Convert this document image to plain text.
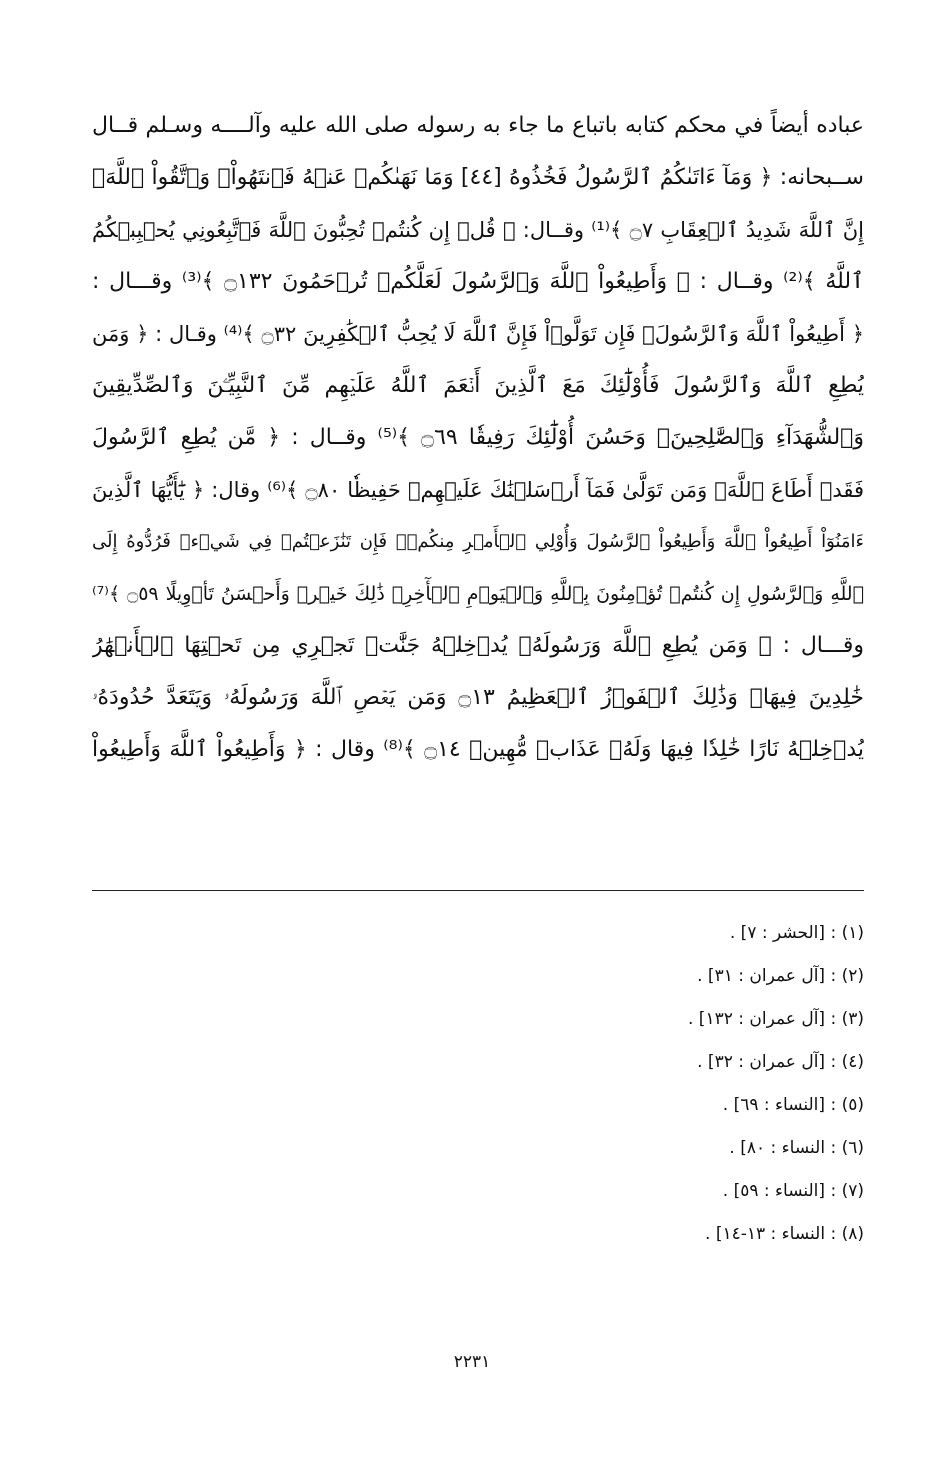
عباده أيضاً في محكم كتابه باتباع ما جاء به رسوله صلى الله عليه وآلــــه وسـلم قــال
ســبحانه: ﴿ وَمَآ ءَاتَىٰكُمُ ٱلرَّسُولُ فَخُذُوهُ [٤٤] وَمَا نَهَىٰكُمۡ عَنۡهُ فَٱنتَهُواْۚ وَٱتَّقُواْ ٱللَّهَۖ
إِنَّ ٱللَّهَ شَدِيدُ ٱلۡعِقَابِ ۝٧ ﴾⁽¹⁾ وقــال: ﴿ قُلۡ إِن كُنتُمۡ تُحِبُّونَ ٱللَّهَ فَٱتَّبِعُونِي يُحۡبِبۡكُمُ
ٱللَّهُ ﴾⁽²⁾ وقــال : ﴿ وَأَطِيعُواْ ٱللَّهَ وَٱلرَّسُولَ لَعَلَّكُمۡ تُرۡحَمُونَ ۝١٣٢ ﴾⁽³⁾ وقـــال :
﴿ أَطِيعُواْ ٱللَّهَ وَٱلرَّسُولَۖ فَإِن تَوَلَّوۡاْ فَإِنَّ ٱللَّهَ لَا يُحِبُّ ٱلۡكَٰفِرِينَ ۝٣٢ ﴾⁽⁴⁾ وقـال : ﴿ وَمَن
يُطِعِ ٱللَّهَ وَٱلرَّسُولَ فَأُوْلَٰٓئِكَ مَعَ ٱلَّذِينَ أَنۡعَمَ ٱللَّهُ عَلَيۡهِم مِّنَ ٱلنَّبِيِّـۧنَ وَٱلصِّدِّيقِينَ
وَٱلشُّهَدَآءِ وَٱلصَّٰلِحِينَۚ وَحَسُنَ أُوْلَٰٓئِكَ رَفِيقٗا ۝٦٩ ﴾⁽⁵⁾ وقــال : ﴿ مَّن يُطِعِ ٱلرَّسُولَ
فَقَدۡ أَطَاعَ ٱللَّهَۖ وَمَن تَوَلَّىٰ فَمَآ أَرۡسَلۡنَٰكَ عَلَيۡهِمۡ حَفِيظٗا ۝٨٠ ﴾⁽⁶⁾ وقال: ﴿ يَٰٓأَيُّهَا ٱلَّذِينَ
ءَامَنُوٓاْ أَطِيعُواْ ٱللَّهَ وَأَطِيعُواْ ٱلرَّسُولَ وَأُوْلِي ٱلۡأَمۡرِ مِنكُمۡۖ فَإِن تَنَٰزَعۡتُمۡ فِي شَيۡءٖ فَرُدُّوهُ إِلَى
ٱللَّهِ وَٱلرَّسُولِ إِن كُنتُمۡ تُؤۡمِنُونَ بِٱللَّهِ وَٱلۡيَوۡمِ ٱلۡأٓخِرِۚ ذَٰلِكَ خَيۡرٞ وَأَحۡسَنُ تَأۡوِيلًا ۝٥٩ ﴾⁽⁷⁾
وقـــال : ﴿ وَمَن يُطِعِ ٱللَّهَ وَرَسُولَهُۥ يُدۡخِلۡهُ جَنَّٰتٖ تَجۡرِي مِن تَحۡتِهَا ٱلۡأَنۡهَٰرُ
خَٰلِدِينَ فِيهَاۚ وَذَٰلِكَ ٱلۡفَوۡزُ ٱلۡعَظِيمُ ۝١٣ وَمَن يَعۡصِ ٱللَّهَ وَرَسُولَهُۥ وَيَتَعَدَّ حُدُودَهُۥ
يُدۡخِلۡهُ نَارًا خَٰلِدٗا فِيهَا وَلَهُۥ عَذَابٞ مُّهِينٞ ۝١٤ ﴾⁽⁸⁾ وقال : ﴿ وَأَطِيعُواْ ٱللَّهَ وَأَطِيعُواْ
(١) : [الحشر : ٧] .
(٢) : [آل عمران : ٣١] .
(٣) : [آل عمران : ١٣٢] .
(٤) : [آل عمران : ٣٢] .
(٥) : [النساء : ٦٩] .
(٦) : النساء : ٨٠] .
(٧) : [النساء : ٥٩] .
(٨) : النساء : ١٣-١٤] .
٢٢٣١
